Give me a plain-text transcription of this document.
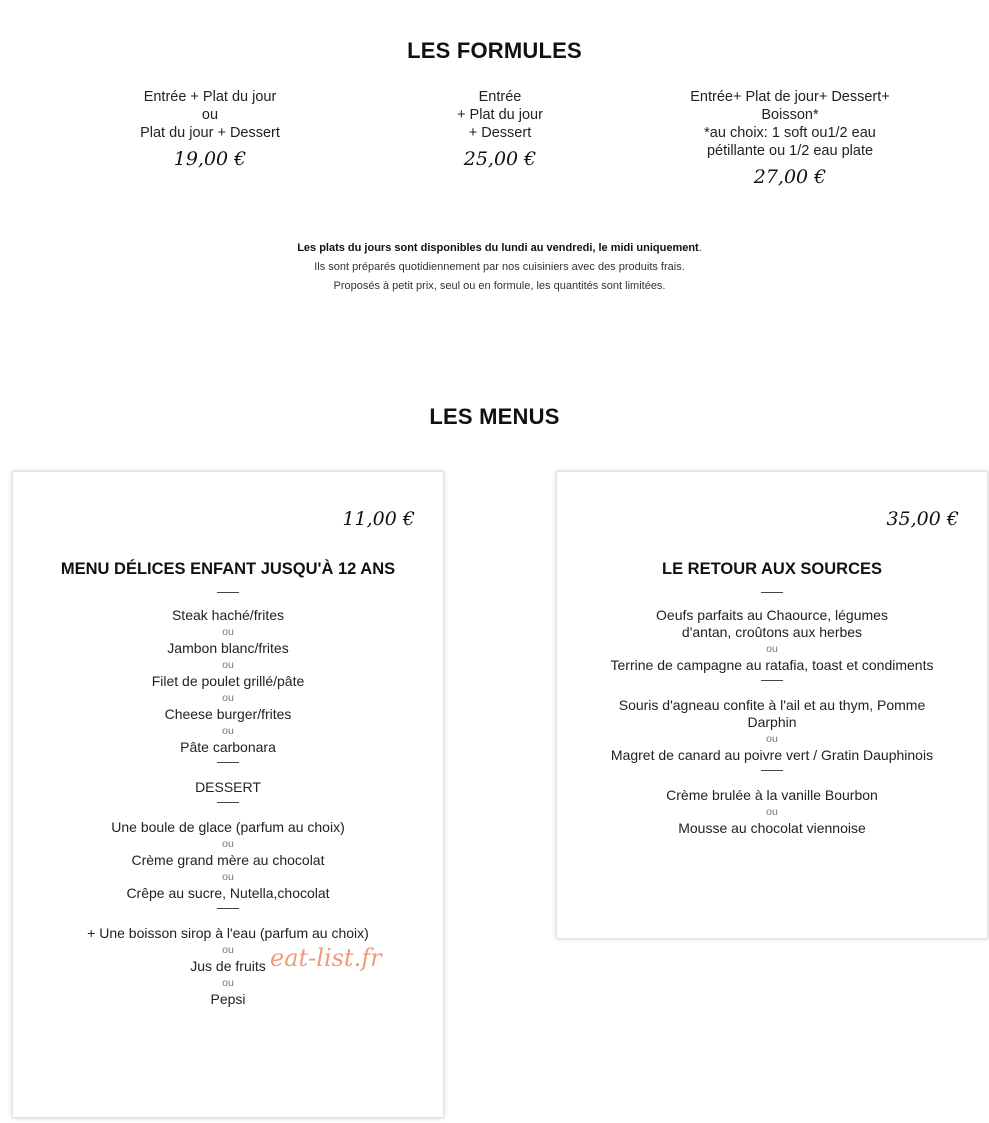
LES FORMULES
Entrée + Plat du jour
ou
Plat du jour + Dessert
19,00 €
Entrée
+ Plat du jour
+ Dessert
25,00 €
Entrée+ Plat de jour+ Dessert+
Boisson*
*au choix: 1 soft ou1/2 eau
pétillante ou 1/2 eau plate
27,00 €
Les plats du jours sont disponibles du lundi au vendredi, le midi uniquement.
Ils sont préparés quotidiennement par nos cuisiniers avec des produits frais.
Proposés à petit prix, seul ou en formule, les quantités sont limitées.
LES MENUS
11,00 €
MENU DÉLICES ENFANT JUSQU'À 12 ANS
Steak haché/frites
ou
Jambon blanc/frites
ou
Filet de poulet grillé/pâte
ou
Cheese burger/frites
ou
Pâte carbonara
DESSERT
Une boule de glace (parfum au choix)
ou
Crème grand mère au chocolat
ou
Crêpe au sucre, Nutella,chocolat
+ Une boisson sirop à l'eau (parfum au choix)
ou
Jus de fruits
ou
Pepsi
35,00 €
LE RETOUR AUX SOURCES
Oeufs parfaits au Chaource, légumes d'antan, croûtons aux herbes
ou
Terrine de campagne au ratafia, toast et condiments
Souris d'agneau confite à l'ail et au thym, Pomme Darphin
ou
Magret de canard au poivre vert / Gratin Dauphinois
Crème brulée à la vanille Bourbon
ou
Mousse au chocolat viennoise
eat-list.fr
